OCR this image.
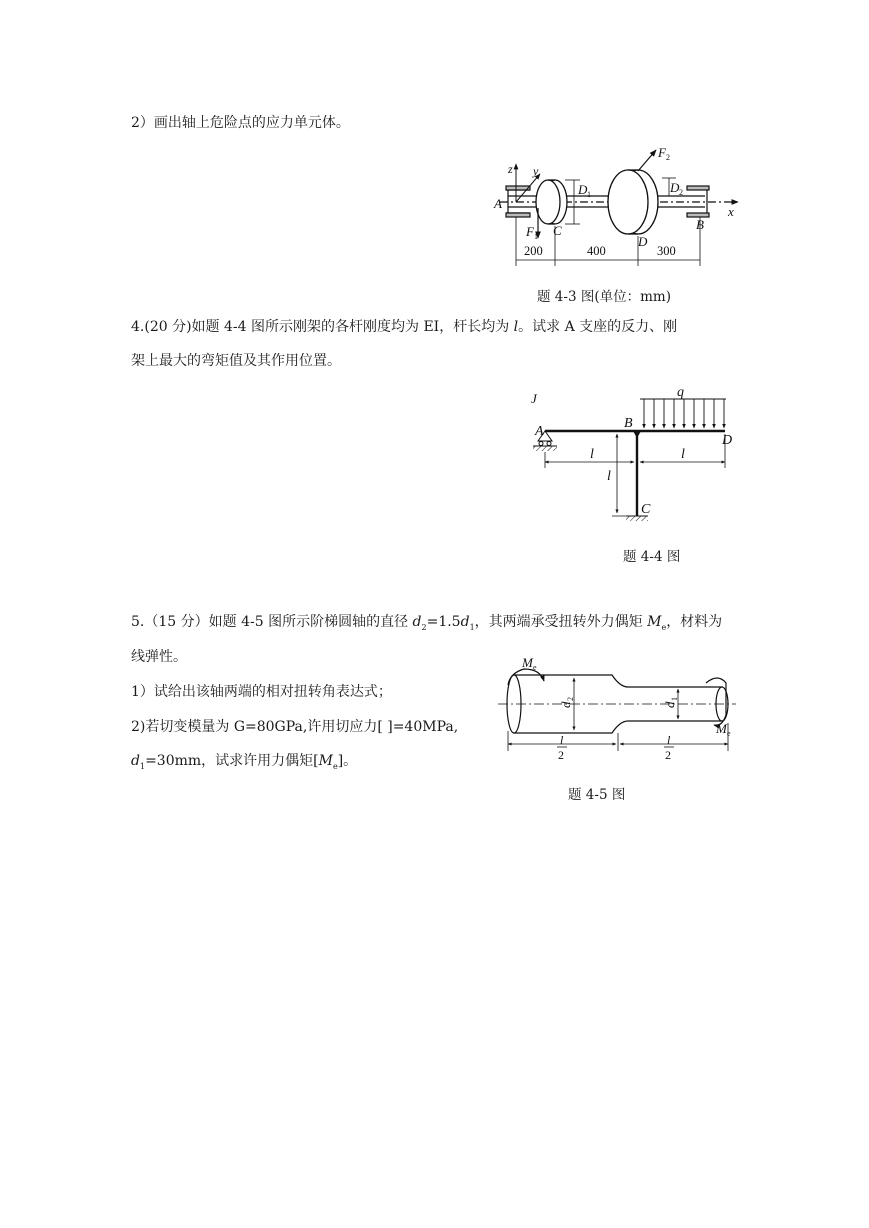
2）画出轴上危险点的应力单元体。
z y
x
A
B
C
D
F 1
F 2
D 1	D 2
200	400	300
题 4-3 图(单位：mm)
4.(20 分)如题 4-4 图所示刚架的各杆刚度均为 EI，杆长均为 l。试求 A 支座的反力、刚
架上最大的弯矩值及其作用位置。
J
A
B
C
D
q
l	l
l
题 4-4 图
5.（15 分）如题 4-5 图所示阶梯圆轴的直径 $d_2=1.5d_1$，其两端承受扭转外力偶矩 $M_e$，材料为
线弹性。
1）试给出该轴两端的相对扭转角表达式；
2)若切变模量为 G=80GPa,许用切应力[ ]=40MPa,
$d_1=30mm$，试求许用力偶矩$[M_e]$。
M e
M e
d
2
d
1
l
2
l
2
题 4-5 图
